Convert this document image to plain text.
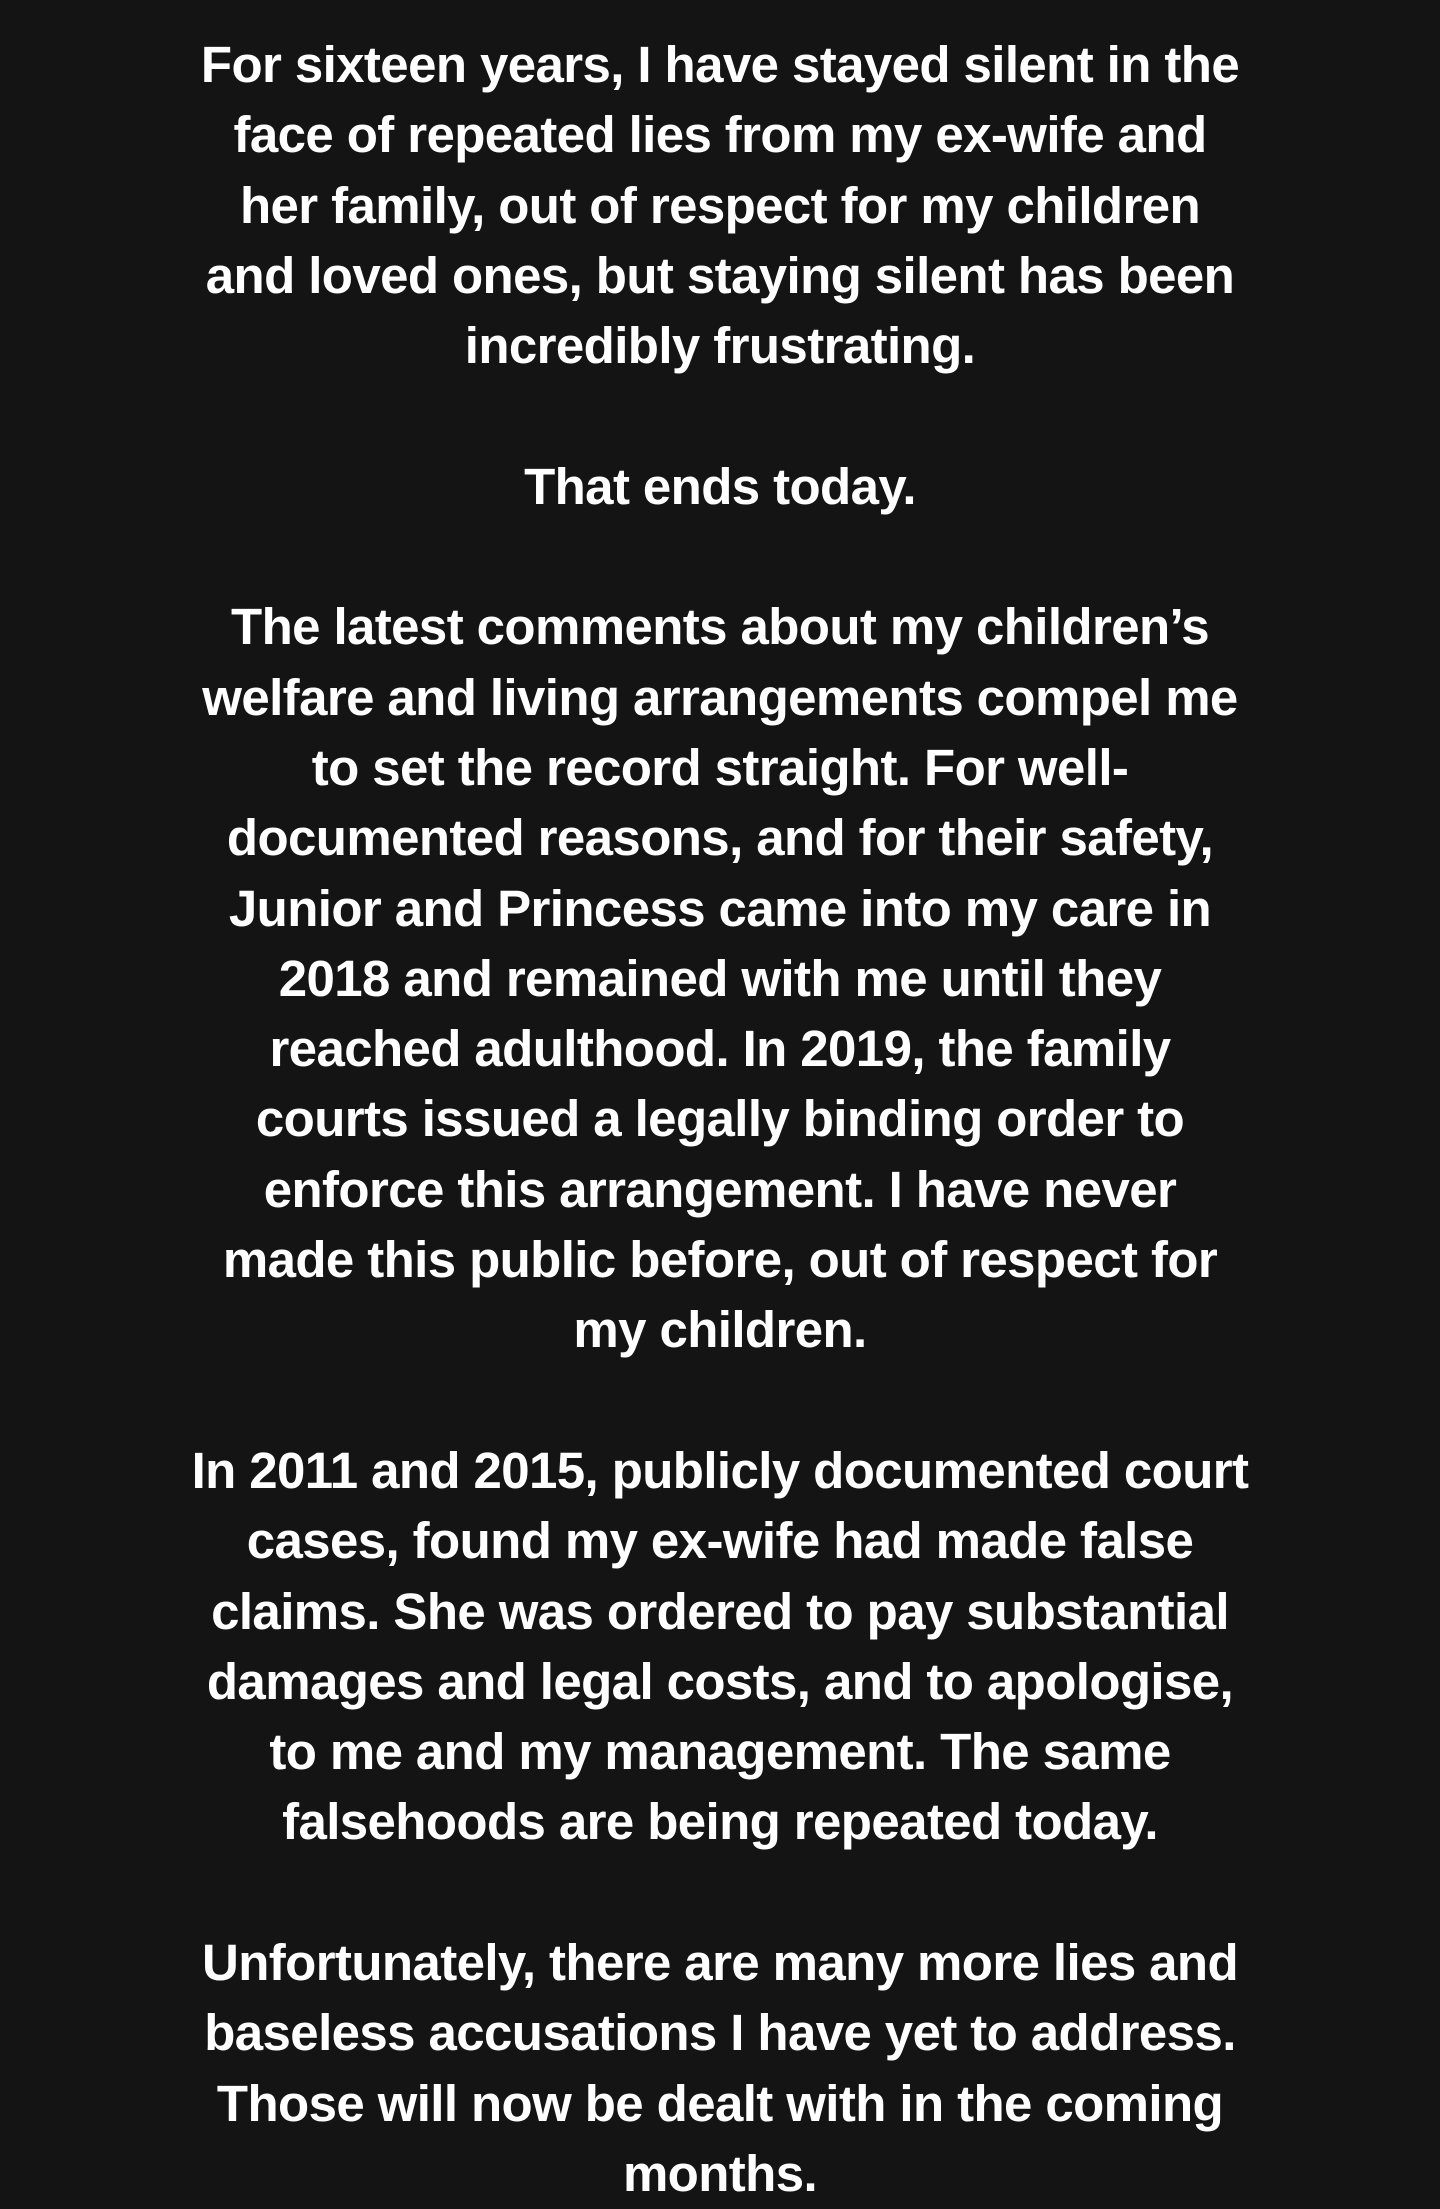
For sixteen years, I have stayed silent in the
face of repeated lies from my ex-wife and
her family, out of respect for my children
and loved ones, but staying silent has been
incredibly frustrating.

That ends today.

The latest comments about my children’s
welfare and living arrangements compel me
to set the record straight. For well-
documented reasons, and for their safety,
Junior and Princess came into my care in
2018 and remained with me until they
reached adulthood. In 2019, the family
courts issued a legally binding order to
enforce this arrangement. I have never
made this public before, out of respect for
my children.

In 2011 and 2015, publicly documented court
cases, found my ex-wife had made false
claims. She was ordered to pay substantial
damages and legal costs, and to apologise,
to me and my management. The same
falsehoods are being repeated today.

Unfortunately, there are many more lies and
baseless accusations I have yet to address.
Those will now be dealt with in the coming
months.
